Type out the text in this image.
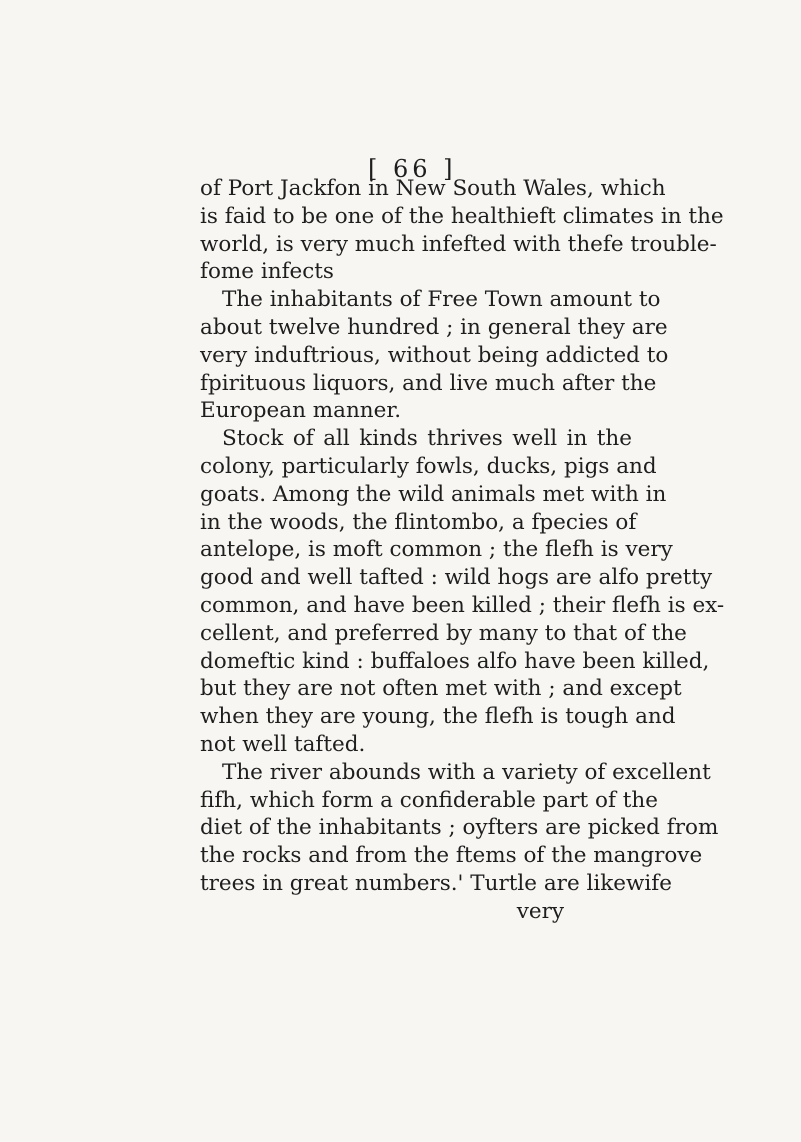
[ 66 ]
of Port Jackfon in New South Wales, which
is faid to be one of the healthieft climates in the
world, is very much infefted with thefe trouble-
fome infects
The inhabitants of Free Town amount to
about twelve hundred ; in general they are
very induftrious, without being addicted to
fpirituous liquors, and live much after the
European manner.
Stock of all kinds thrives well in the
colony, particularly fowls, ducks, pigs and
goats. Among the wild animals met with in
in the woods, the flintombo, a fpecies of
antelope, is moft common ; the flefh is very
good and well tafted : wild hogs are alfo pretty
common, and have been killed ; their flefh is ex-
cellent, and preferred by many to that of the
domeftic kind : buffaloes alfo have been killed,
but they are not often met with ; and except
when they are young, the flefh is tough and
not well tafted.
The river abounds with a variety of excellent
fifh, which form a confiderable part of the
diet of the inhabitants ; oyfters are picked from
the rocks and from the ftems of the mangrove
trees in great numbers.' Turtle are likewife
very
